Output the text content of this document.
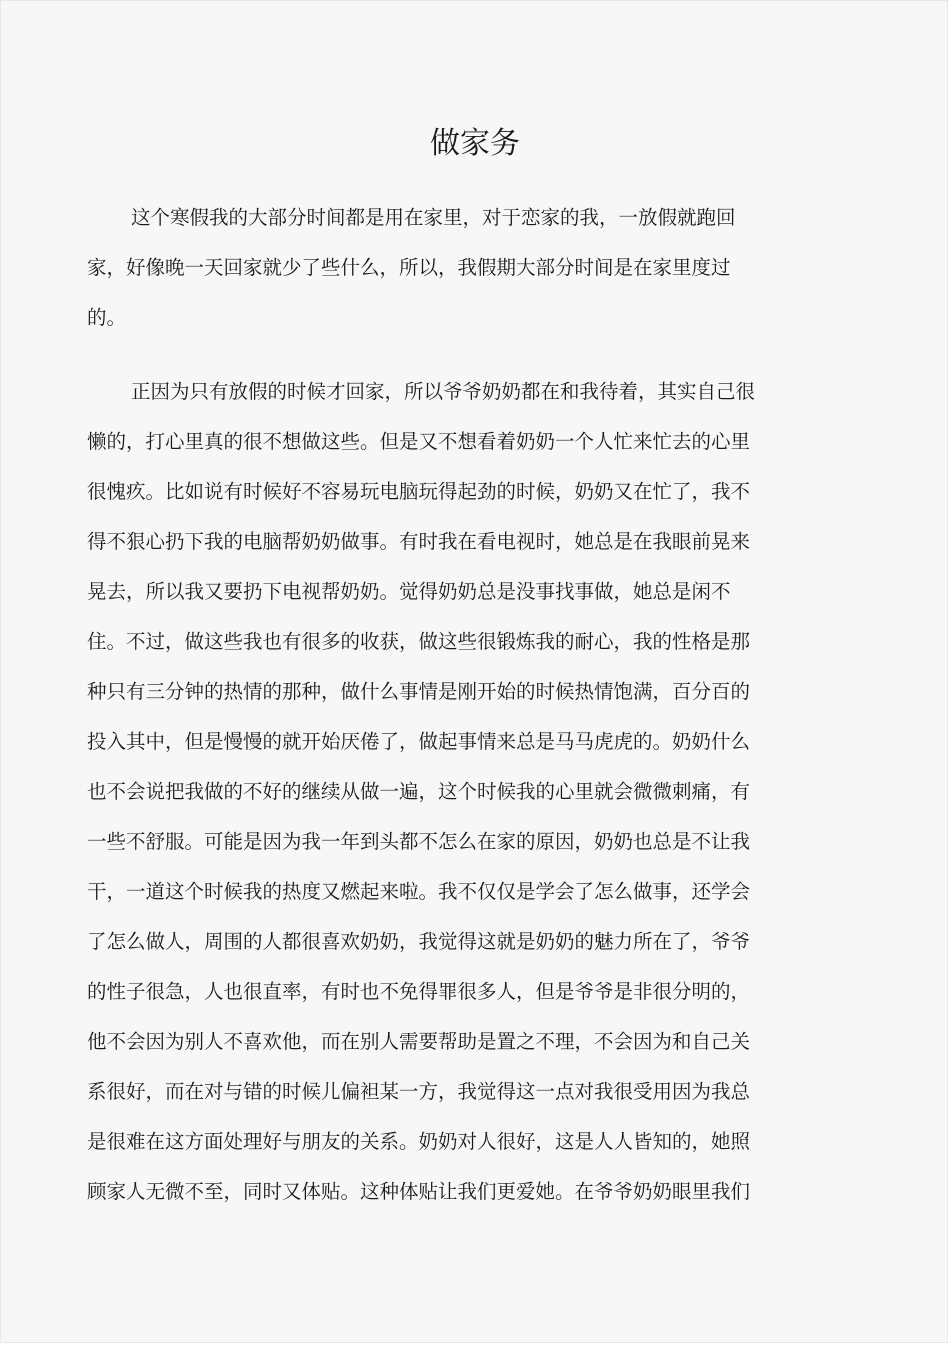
做家务
这个寒假我的大部分时间都是用在家里，对于恋家的我，一放假就跑回
家，好像晚一天回家就少了些什么，所以，我假期大部分时间是在家里度过
的。
正因为只有放假的时候才回家，所以爷爷奶奶都在和我待着，其实自己很
懒的，打心里真的很不想做这些。但是又不想看着奶奶一个人忙来忙去的心里
很愧疚。比如说有时候好不容易玩电脑玩得起劲的时候，奶奶又在忙了，我不
得不狠心扔下我的电脑帮奶奶做事。有时我在看电视时，她总是在我眼前晃来
晃去，所以我又要扔下电视帮奶奶。觉得奶奶总是没事找事做，她总是闲不
住。不过，做这些我也有很多的收获，做这些很锻炼我的耐心，我的性格是那
种只有三分钟的热情的那种，做什么事情是刚开始的时候热情饱满，百分百的
投入其中，但是慢慢的就开始厌倦了，做起事情来总是马马虎虎的。奶奶什么
也不会说把我做的不好的继续从做一遍，这个时候我的心里就会微微刺痛，有
一些不舒服。可能是因为我一年到头都不怎么在家的原因，奶奶也总是不让我
干，一道这个时候我的热度又燃起来啦。我不仅仅是学会了怎么做事，还学会
了怎么做人，周围的人都很喜欢奶奶，我觉得这就是奶奶的魅力所在了，爷爷
的性子很急，人也很直率，有时也不免得罪很多人，但是爷爷是非很分明的，
他不会因为别人不喜欢他，而在别人需要帮助是置之不理，不会因为和自己关
系很好，而在对与错的时候儿偏袒某一方，我觉得这一点对我很受用因为我总
是很难在这方面处理好与朋友的关系。奶奶对人很好，这是人人皆知的，她照
顾家人无微不至，同时又体贴。这种体贴让我们更爱她。在爷爷奶奶眼里我们
